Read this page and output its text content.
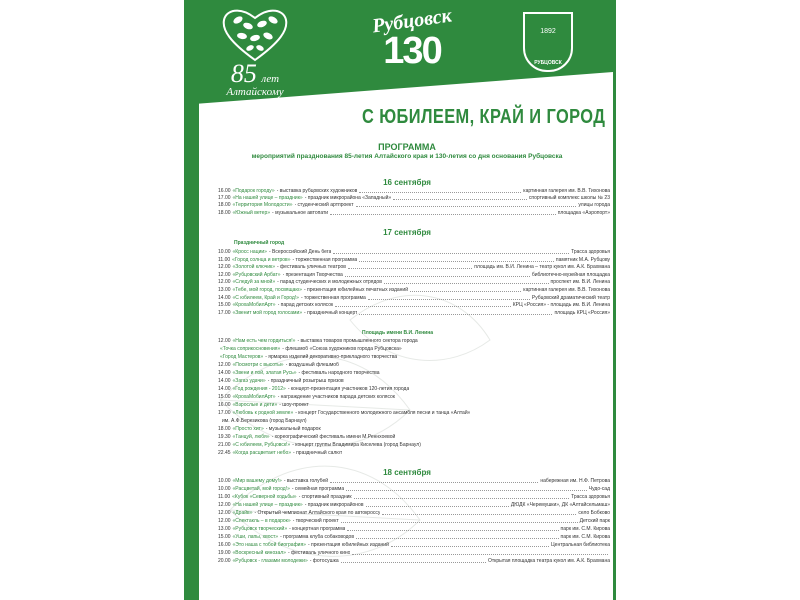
85 лет
Алтайскому
краю
Рубцовск
130	1892
РУБЦОВСК
С ЮБИЛЕЕМ, КРАЙ И ГОРОД
ПРОГРАММА
мероприятий празднования 85-летия Алтайского края и 130-летия со дня основания Рубцовска
16 сентября
16.00 «Подарок городу» - выставка рубцовских художников	картинная галерея им. В.В. Тихонова
17.00 «На нашей улице – праздник» - праздник микрорайона «Западный»	спортивный комплекс школы № 23
18.00 «Территория Молодости» - студенческий артпроект	улицы города
18.00 «Южный ветер» - музыкальное автопати	площадка «Аэропорт»
17 сентября
Праздничный город
10.00 «Кросс нации» - Всероссийский День бега	Трасса здоровья
11.00 «Город солнца и ветров» - торжественная программа	памятник М.А. Рубцову
12.00 «Золотой ключик» - фестиваль уличных театров	площадь им. В.И. Ленина – театр кукол им. А.К. Брахмана
12.00 «Рубцовский Арбат» - презентация Творчества	библиотечно-музейная площадка
12.00 «Следуй за мной» - парад студенческих и молодежных отрядов	проспект им. В.И. Ленина
13.00 «Тебе, мой город, посвящаю» - презентация юбилейных печатных изданий	картинная галерея им. В.В. Тихонова
14.00 «С юбилеем, Край и Город!» - торжественная программа	Рубцовский драматический театр
15.00 «КрохаМобилАрт» - парад детских колясок	КРЦ «Россия» - площадь им. В.И. Ленина
17.00 «Звенит мой город голосами» - праздничный концерт	площадь КРЦ «Россия»
Площадь имени В.И. Ленина
12.00 «Нам есть чем гордиться!» - выставка товаров промышленного сектора города
«Точка соприкосновения» - флешмоб «Союза художников города Рубцовска»
«Город Мастеров» - ярмарка изделий декоративно-прикладного творчества
12.00 «Посмотри с высоты» - воздушный флешмоб
14.00 «Звени и пой, златая Русь» - фестиваль народного творчества
14.00 «Загаэ удачи» - праздничный розыгрыш призов
14.00 «Год рождения - 2012» - концерт-презентация участников 120-летия города
15.00 «КрохаМобилАрт» - награждение участников парада детских колясок
16.00 «Взрослые и дети» - шоу-проект
17.00 «Любовь к родной земле» - концерт Государственного молодежного ансамбля песни и танца «Алтай»
им. А.Ф.Березикова (город Барнаул)
18.00 «Просто хит» - музыкальный подарок
19.30 «Танцуй, любя» - хореографический фестиваль имени М.Реннхоевой
21.00 «С юбилеем, Рубцовск!» - концерт группы Владимира Киселева (город Барнаул)
22.45 «Когда расцветает небо» - праздничный салют
18 сентября
10.00 «Мир вашему дому!» - выставка голубей	набережная им. Н.Ф. Петрова
10.00 «Расцветай, мой город!» - семейная программа	Чудо-сад
11.00 «Кубок «Северной ходьбы» - спортивный праздник	Трасса здоровья
12.00 «На нашей улице – праздник» - праздник микрорайонов	ДЮДК «Черемушки», ДК «Алтайсельмаш»
12.00 «Драйв» - Открытый чемпионат Алтайского края по автокроссу	село Бобково
12.00 «Спектакль – в подарок» - творческий проект	Детский парк
13.00 «Рубцовск творческий» - концертная программа	парк им. С.М. Кирова
15.00 «Уши, лапы, хвост» - программа клуба собаководов	парк им. С.М. Кирова
16.00 «Это наша с тобой биография» - презентация юбилейных изданий	Центральная библиотека
19.00 «Воскресный кинозал» - фестиваль уличного кино
20.00 «Рубцовск - глазами молодежи» - фотосушка	Открытая площадка театра кукол им. А.К. Брахмана
